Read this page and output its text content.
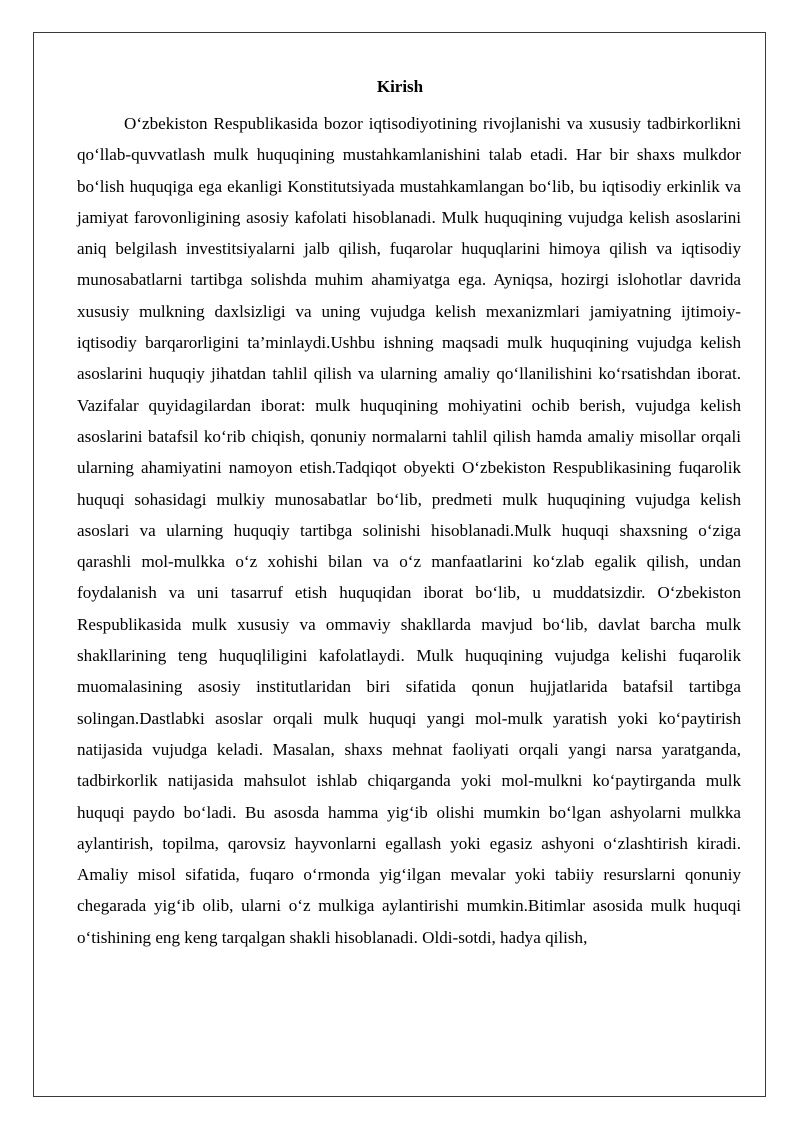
Kirish

O‘zbekiston Respublikasida bozor iqtisodiyotining rivojlanishi va xususiy tadbirkorlikni qo‘llab-quvvatlash mulk huquqining mustahkamlanishini talab etadi. Har bir shaxs mulkdor bo‘lish huquqiga ega ekanligi Konstitutsiyada mustahkamlangan bo‘lib, bu iqtisodiy erkinlik va jamiyat farovonligining asosiy kafolati hisoblanadi. Mulk huquqining vujudga kelish asoslarini aniq belgilash investitsiyalarni jalb qilish, fuqarolar huquqlarini himoya qilish va iqtisodiy munosabatlarni tartibga solishda muhim ahamiyatga ega. Ayniqsa, hozirgi islohotlar davrida xususiy mulkning daxlsizligi va uning vujudga kelish mexanizmlari jamiyatning ijtimoiy-iqtisodiy barqarorligini ta’minlaydi.Ushbu ishning maqsadi mulk huquqining vujudga kelish asoslarini huquqiy jihatdan tahlil qilish va ularning amaliy qo‘llanilishini ko‘rsatishdan iborat. Vazifalar quyidagilardan iborat: mulk huquqining mohiyatini ochib berish, vujudga kelish asoslarini batafsil ko‘rib chiqish, qonuniy normalarni tahlil qilish hamda amaliy misollar orqali ularning ahamiyatini namoyon etish.Tadqiqot obyekti O‘zbekiston Respublikasining fuqarolik huquqi sohasidagi mulkiy munosabatlar bo‘lib, predmeti mulk huquqining vujudga kelish asoslari va ularning huquqiy tartibga solinishi hisoblanadi.Mulk huquqi shaxsning o‘ziga qarashli mol-mulkka o‘z xohishi bilan va o‘z manfaatlarini ko‘zlab egalik qilish, undan foydalanish va uni tasarruf etish huquqidan iborat bo‘lib, u muddatsizdir. O‘zbekiston Respublikasida mulk xususiy va ommaviy shakllarda mavjud bo‘lib, davlat barcha mulk shakllarining teng huquqliligini kafolatlaydi. Mulk huquqining vujudga kelishi fuqarolik muomalasining asosiy institutlaridan biri sifatida qonun hujjatlarida batafsil tartibga solingan.Dastlabki asoslar orqali mulk huquqi yangi mol-mulk yaratish yoki ko‘paytirish natijasida vujudga keladi. Masalan, shaxs mehnat faoliyati orqali yangi narsa yaratganda, tadbirkorlik natijasida mahsulot ishlab chiqarganda yoki mol-mulkni ko‘paytirganda mulk huquqi paydo bo‘ladi. Bu asosda hamma yig‘ib olishi mumkin bo‘lgan ashyolarni mulkka aylantirish, topilma, qarovsiz hayvonlarni egallash yoki egasiz ashyoni o‘zlashtirish kiradi. Amaliy misol sifatida, fuqaro o‘rmonda yig‘ilgan mevalar yoki tabiiy resurslarni qonuniy chegarada yig‘ib olib, ularni o‘z mulkiga aylantirishi mumkin.Bitimlar asosida mulk huquqi o‘tishining eng keng tarqalgan shakli hisoblanadi. Oldi-sotdi, hadya qilish,
